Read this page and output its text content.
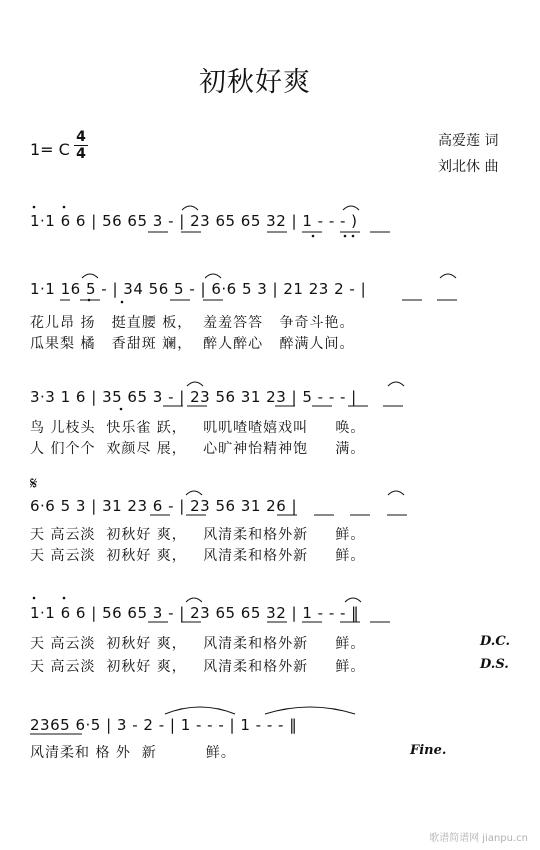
初秋好爽
1= C
4
4
高爱莲 词
刘北休 曲
1·1 6 6 | 56 65 3 - | 23 65 65 32 | 1 - - - )
1·1 16 5 - | 34 56 5 - | 6·6 5 3 | 21 23 2 - |
花儿昂 扬   挺直腰 板，  羞羞答答   争奇斗艳。
瓜果梨 橘   香甜斑 斓，  醉人醉心   醉满人间。
3·3 1 6 | 35 65 3 - | 23 56 31 23 | 5 - - - |
鸟 儿枝头  快乐雀 跃，   叽叽喳喳嬉戏叫     唤。
人 们个个  欢颜尽 展，   心旷神怡精神饱     满。
𝄋
6·6 5 3 | 31 23 6 - | 23 56 31 26 |
天 高云淡  初秋好 爽，   风清柔和格外新     鲜。
天 高云淡  初秋好 爽，   风清柔和格外新     鲜。
1·1 6 6 | 56 65 3 - | 23 65 65 32 | 1 - - - ‖
天 高云淡  初秋好 爽，   风清柔和格外新     鲜。
天 高云淡  初秋好 爽，   风清柔和格外新     鲜。
D.C.
D.S.
2365 6·5 | 3 - 2 - | 1 - - - | 1 - - - ‖
风清柔和 格 外  新         鲜。	Fine.
歌谱简谱网 jianpu.cn
